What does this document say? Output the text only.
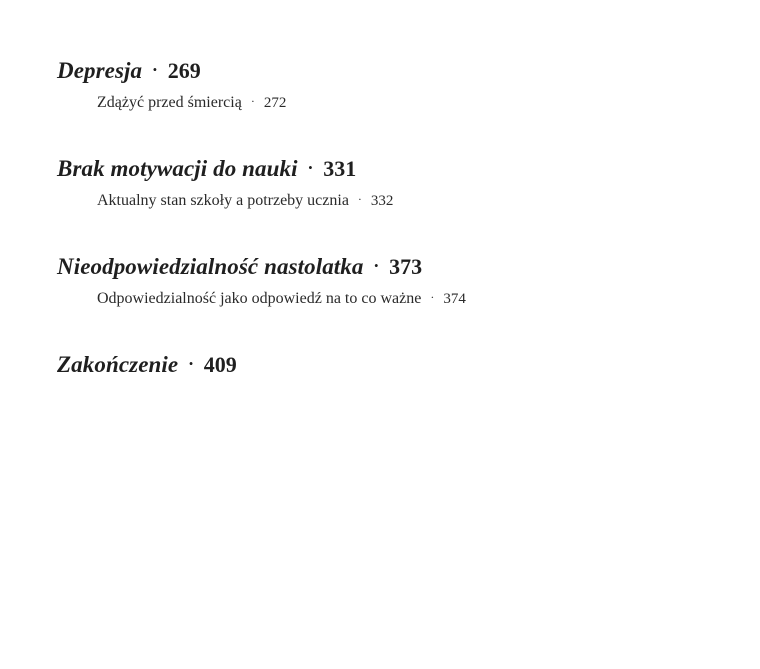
Depresja · 269
Zdążyć przed śmiercią · 272
Brak motywacji do nauki · 331
Aktualny stan szkoły a potrzeby ucznia · 332
Nieodpowiedzialność nastolatka · 373
Odpowiedzialność jako odpowiedź na to co ważne · 374
Zakończenie · 409
